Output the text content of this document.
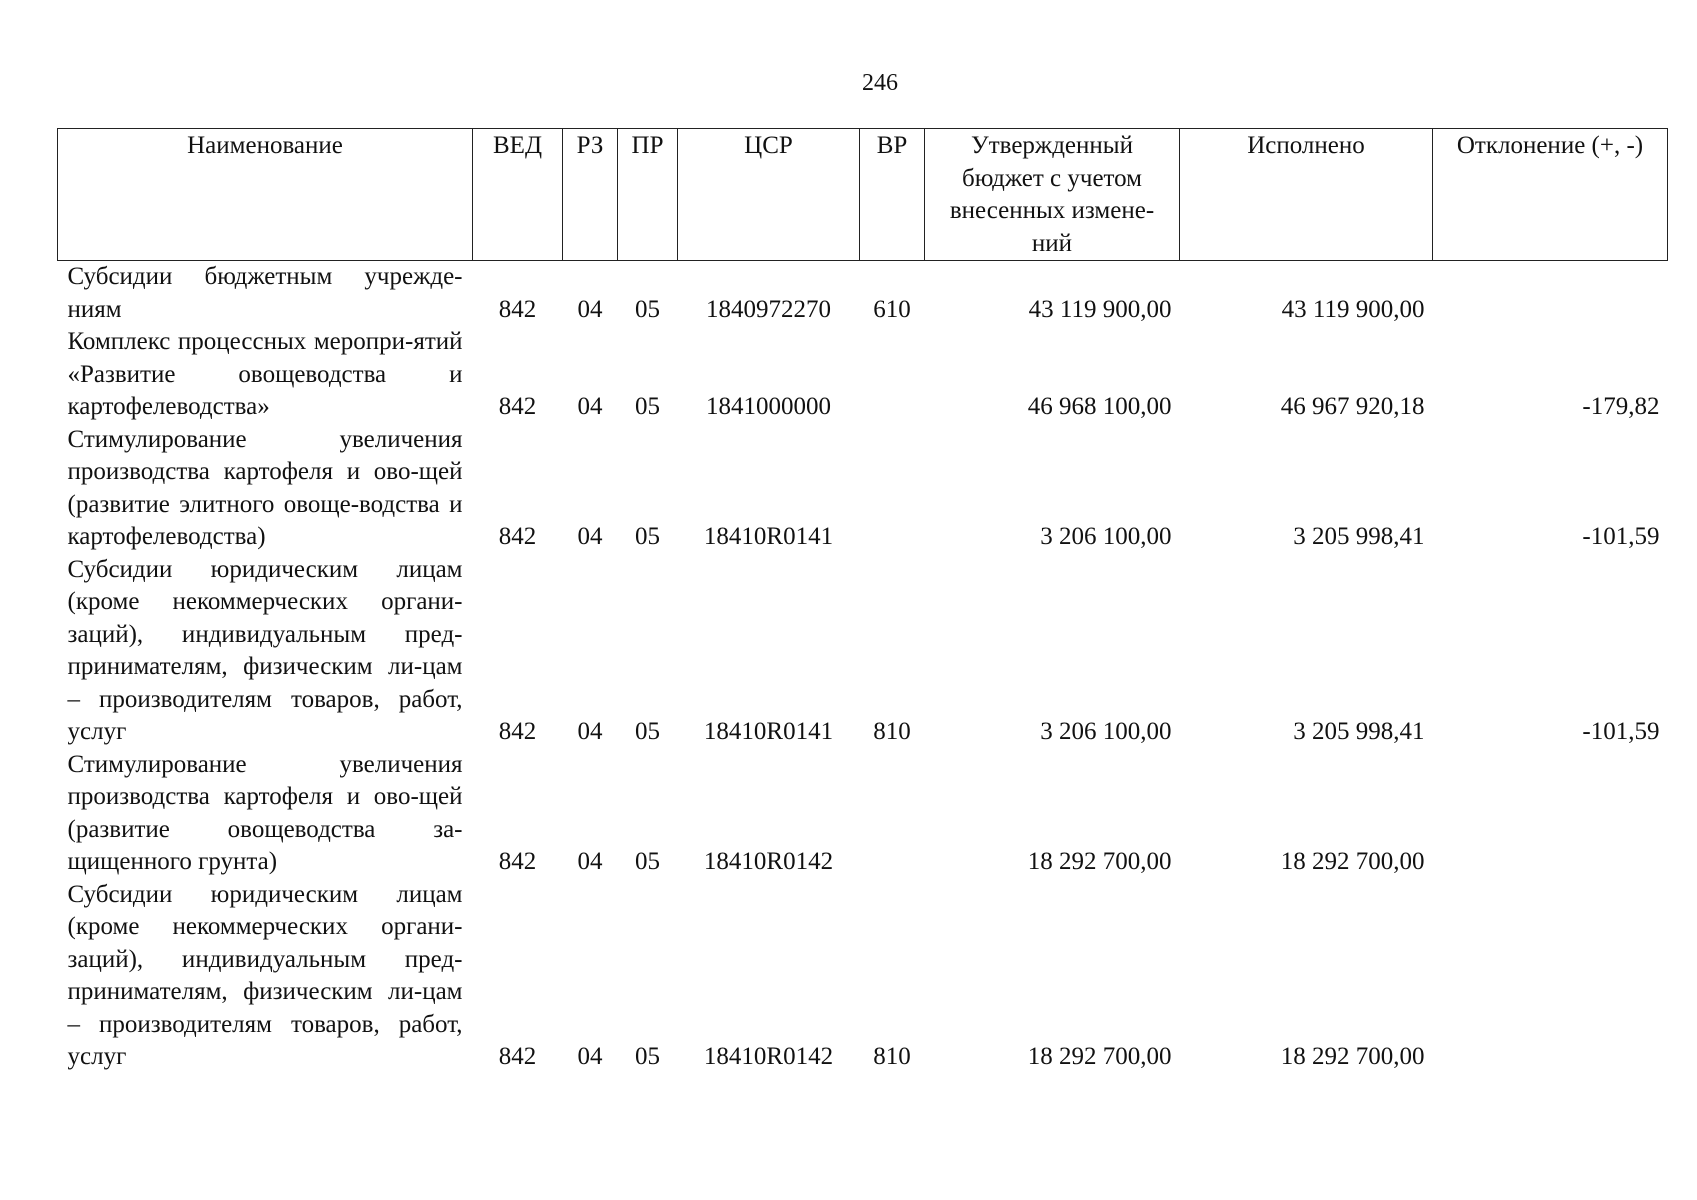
246
Наименование	ВЕД	РЗ	ПР	ЦСР	ВР	Утвержденный бюджет с учетом внесенных измене-ний	Исполнено	Отклонение (+, -)
Субсидии бюджетным учрежде-ниям	842	04	05	1840972270	610	43 119 900,00	43 119 900,00	
Комплекс процессных меропри-ятий «Развитие овощеводства и картофелеводства»	842	04	05	1841000000		46 968 100,00	46 967 920,18	-179,82
Стимулирование увеличения производства картофеля и ово-щей (развитие элитного овоще-водства и картофелеводства)	842	04	05	18410R0141		3 206 100,00	3 205 998,41	-101,59
Субсидии юридическим лицам (кроме некоммерческих органи-заций), индивидуальным пред-принимателям, физическим ли-цам – производителям товаров, работ, услуг	842	04	05	18410R0141	810	3 206 100,00	3 205 998,41	-101,59
Стимулирование увеличения производства картофеля и ово-щей (развитие овощеводства за-щищенного грунта)	842	04	05	18410R0142		18 292 700,00	18 292 700,00	
Субсидии юридическим лицам (кроме некоммерческих органи-заций), индивидуальным пред-принимателям, физическим ли-цам – производителям товаров, работ, услуг	842	04	05	18410R0142	810	18 292 700,00	18 292 700,00	
